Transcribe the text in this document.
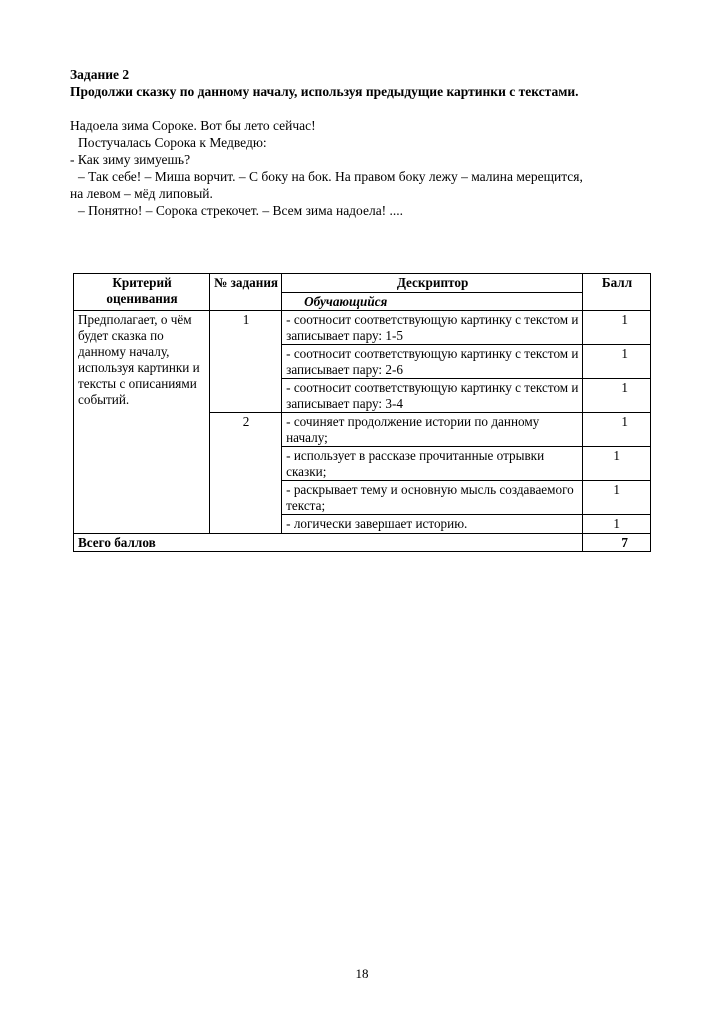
Задание 2

Продолжи сказку по данному началу, используя предыдущие картинки с текстами.

Надоела зима Сороке. Вот бы лето сейчас!

Постучалась Сорока к Медведю:

- Как зиму зимуешь?

– Так себе! – Миша ворчит. – С боку на бок. На правом боку лежу – малина мерещится,

на левом – мёд липовый.

– Понятно! – Сорока стрекочет. – Всем зима надоела! ....

Критерий оценивания	№ задания	Дескриптор	Балл
		Обучающийся	
Предполагает, о чём будет сказка по данному началу, используя картинки и тексты с описаниями событий.	1	- соотносит соответствующую картинку с текстом и записывает пару: 1-5	1
		- соотносит соответствующую картинку с текстом и записывает пару: 2-6	1
		- соотносит соответствующую картинку с текстом и записывает пару: 3-4	1
	2	- сочиняет продолжение истории по данному началу;	1
		- использует в рассказе прочитанные отрывки сказки;	1
		- раскрывает тему и основную мысль создаваемого текста;	1
		- логически завершает историю.	1
Всего баллов			7
18
